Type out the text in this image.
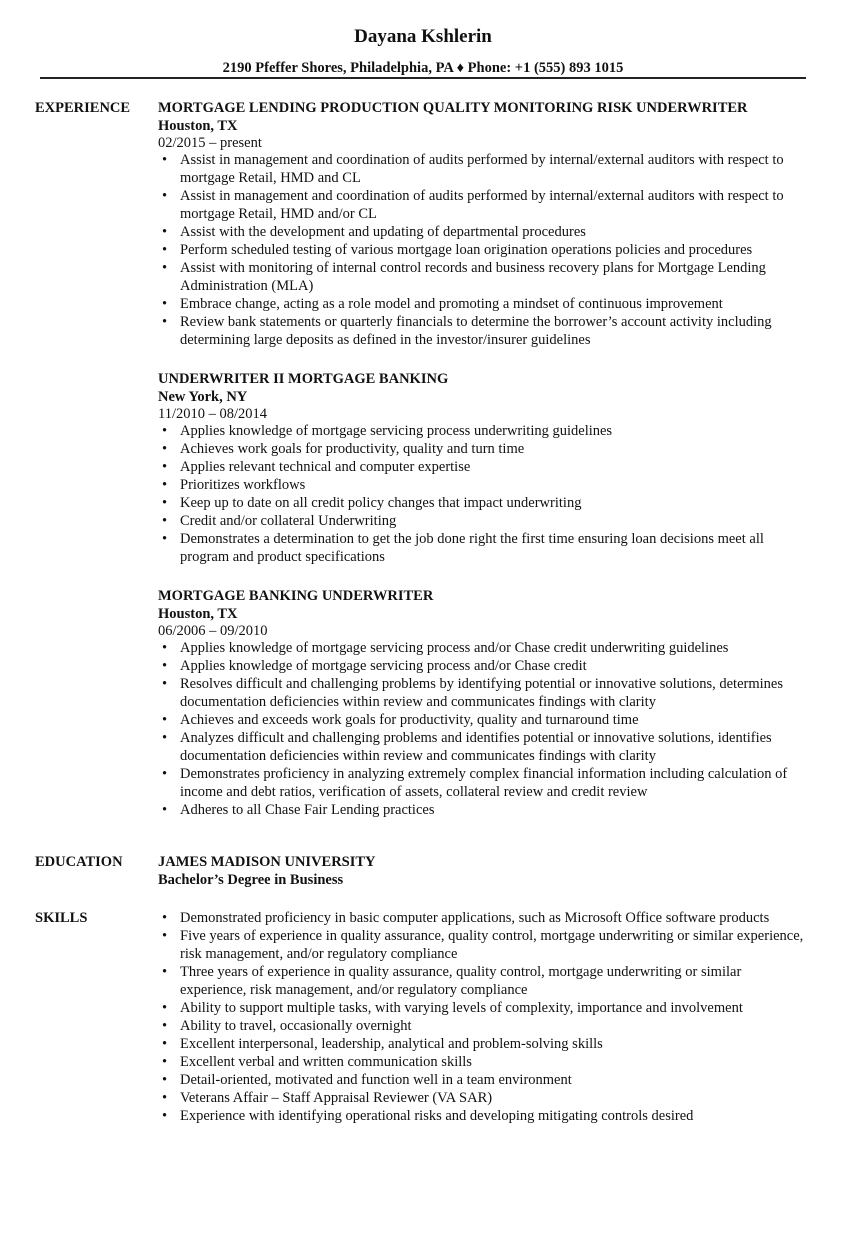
Dayana Kshlerin
2190 Pfeffer Shores, Philadelphia, PA ♦ Phone: +1 (555) 893 1015
EXPERIENCE MORTGAGE LENDING PRODUCTION QUALITY MONITORING RISK UNDERWRITER
Houston, TX
02/2015 – present
• Assist in management and coordination of audits performed by internal/external auditors with respect to mortgage Retail, HMD and CL
• Assist in management and coordination of audits performed by internal/external auditors with respect to mortgage Retail, HMD and/or CL
• Assist with the development and updating of departmental procedures
• Perform scheduled testing of various mortgage loan origination operations policies and procedures
• Assist with monitoring of internal control records and business recovery plans for Mortgage Lending Administration (MLA)
• Embrace change, acting as a role model and promoting a mindset of continuous improvement
• Review bank statements or quarterly financials to determine the borrower’s account activity including determining large deposits as defined in the investor/insurer guidelines
UNDERWRITER II MORTGAGE BANKING
New York, NY
11/2010 – 08/2014
• Applies knowledge of mortgage servicing process underwriting guidelines
• Achieves work goals for productivity, quality and turn time
• Applies relevant technical and computer expertise
• Prioritizes workflows
• Keep up to date on all credit policy changes that impact underwriting
• Credit and/or collateral Underwriting
• Demonstrates a determination to get the job done right the first time ensuring loan decisions meet all program and product specifications
MORTGAGE BANKING UNDERWRITER
Houston, TX
06/2006 – 09/2010
• Applies knowledge of mortgage servicing process and/or Chase credit underwriting guidelines
• Applies knowledge of mortgage servicing process and/or Chase credit
• Resolves difficult and challenging problems by identifying potential or innovative solutions, determines documentation deficiencies within review and communicates findings with clarity
• Achieves and exceeds work goals for productivity, quality and turnaround time
• Analyzes difficult and challenging problems and identifies potential or innovative solutions, identifies documentation deficiencies within review and communicates findings with clarity
• Demonstrates proficiency in analyzing extremely complex financial information including calculation of income and debt ratios, verification of assets, collateral review and credit review
• Adheres to all Chase Fair Lending practices
EDUCATION JAMES MADISON UNIVERSITY
Bachelor’s Degree in Business
SKILLS
•	Demonstrated proficiency in basic computer applications, such as Microsoft Office software products
• Five years of experience in quality assurance, quality control, mortgage underwriting or similar experience, risk management, and/or regulatory compliance
• Three years of experience in quality assurance, quality control, mortgage underwriting or similar experience, risk management, and/or regulatory compliance
• Ability to support multiple tasks, with varying levels of complexity, importance and involvement
• Ability to travel, occasionally overnight
• Excellent interpersonal, leadership, analytical and problem-solving skills
• Excellent verbal and written communication skills
• Detail-oriented, motivated and function well in a team environment
• Veterans Affair – Staff Appraisal Reviewer (VA SAR)
• Experience with identifying operational risks and developing mitigating controls desired
